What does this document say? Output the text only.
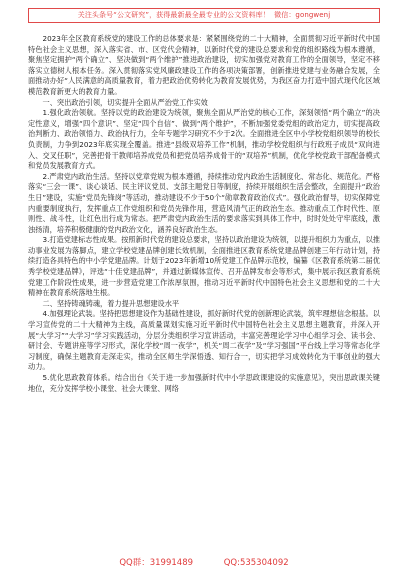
关注头条号“公文研究”，获得最新最全最专业的公文资料库！ 微信：gongwenj

2023年全区教育系统党的建设工作的总体要求是：紧紧围绕党的二十大精神，全面贯彻习近平新时代中国特色社会主义思想，深入落实省、市、区党代会精神，以新时代党的建设总要求和党的组织路线为根本遵循，聚焦坚定拥护“两个确立”、坚决做到“两个维护”推进政治建设，切实加强党对教育工作的全面领导，坚定不移落实立德树人根本任务。深入贯彻落实党风廉政建设工作的各项决策部署，创新推进党建与业务融合发展，全面推动办好“人民满意的高质量教育，着力把政治优势转化为教育发展优势，为我区奋力打造中国式现代化区域模范教育新更大的教育力量。

一、突出政治引领，切实提升全面从严治党工作实效

1.强化政治领航。坚持以党的政治建设为统领，聚焦全面从严治党的核心工作，深刻领悟“两个确立”的决定性意义，增强“四个意识”、坚定“四个自信”、做到“两个维护”，不断加强党委党组的政治定力，切实提高政治判断力、政治领悟力、政治执行力，全年专题学习研究不少于2次。全面推进全区中小学校党组织领导的校长负责制，力争到2023年底实现全覆盖。推进“县级双培养工作”机制，推动学校党组织与行政班子成员“双向进入、交叉任职”，完善把骨干教师培养成党员和把党员培养成骨干的“双培养”机制，优化学校党政干部配备模式和党员发展教育方式。

2.严肃党内政治生活。坚持以党章党规为根本遵循，持续推动党内政治生活制度化、常态化、规范化。严格落实“三会一课”、谈心谈话、民主评议党员、支部主题党日等制度，持续开展组织生活会整改，全面提升“政治生日”建设，实施“党员先锋岗”等活动，推动建设不少于50个“勋章教育政治仪式”。强化政治督导，切实保障党内重要制度执行，发挥重点工作党组织和党员先锋作用，营造风清气正的政治生态。推动重点工作时代性、原则性、战斗性，让红色出行成为常态。把严肃党内政治生活的要求落实到具体工作中，时时处处守牢底线，激浊扬清，培养积极健康的党内政治文化，涵养良好政治生态。

3.打造党建标志性成果。按照新时代党的建设总要求，坚持以政治建设为统领，以提升组织力为重点，以推动事业发展为落脚点，建立学校党建品牌创建长效机制，全面推进区教育系统党建品牌创建三年行动计划，持续打造各具特色的中小学党建品牌。计划于2023年新增10所党建工作品牌示范校，编纂《区教育系统第二届优秀学校党建品牌》，评选“十佳党建品牌”，并通过新媒体宣传、召开品牌发布会等形式，集中展示我区教育系统党建工作阶段性成果，进一步营造党建工作浓厚氛围，推动习近平新时代中国特色社会主义思想和党的二十大精神在教育系统落地生根。

二、坚持铸魂铸魂，着力提升思想建设水平

4.加强理论武装。坚持把思想建设作为基础性建设，抓好新时代党的创新理论武装，筑牢理想信念根基。以学习宣传党的二十大精神为主线，高质量谋划实施习近平新时代中国特色社会主义思想主题教育，并深入开展“大学习”“大学习”学习实践活动，分层分类组织学习宣讲活动，丰富完善理论学习中心组学习会、读书会、研讨会、专题讲座等学习形式，深化学校“周一夜学”，机关“周二夜学”及“学习强国”平台线上学习等常态化学习制度，确保主题教育走深走实，推动全区师生学深悟透、知行合一，切实把学习成效转化为干事创业的强大动力。

5.优化思政教育体系。结合出台《关于进一步加强新时代中小学思政课建设的实施意见》，突出思政课关键地位，充分发挥学校小课堂、社会大课堂、网络

QQ群：31991489	QQ:535304092
